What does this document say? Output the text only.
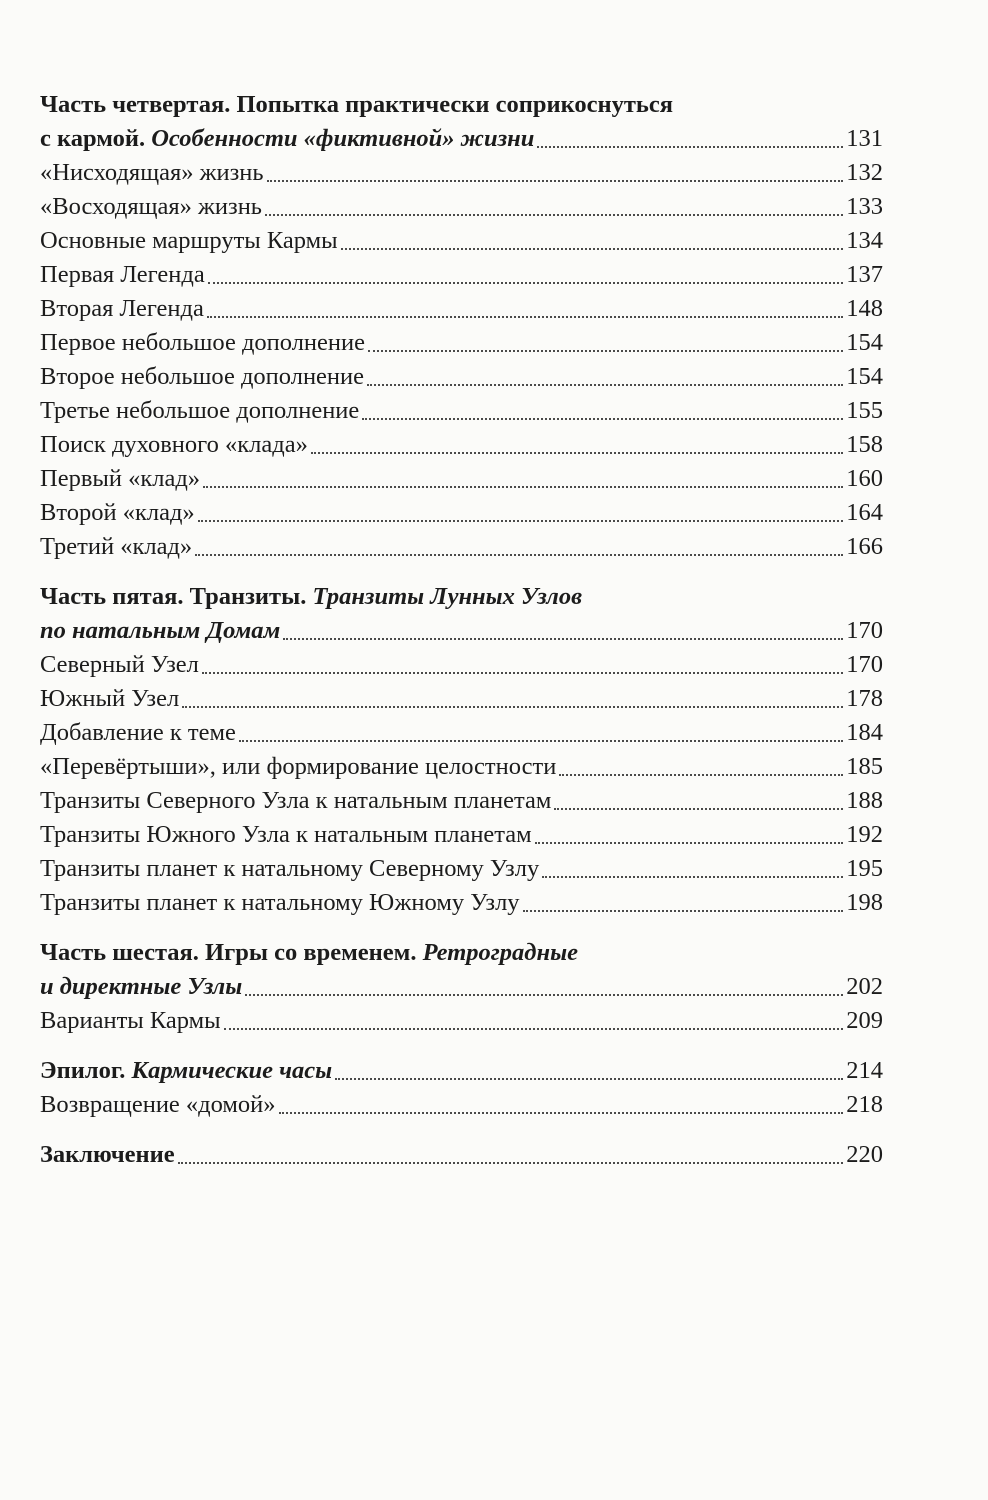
Часть четвертая. Попытка практически соприкоснуться
с кармой. Особенности «фиктивной» жизни	131
«Нисходящая» жизнь	132
«Восходящая» жизнь	133
Основные маршруты Кармы	134
Первая Легенда	137
Вторая Легенда	148
Первое небольшое дополнение	154
Второе небольшое дополнение	154
Третье небольшое дополнение	155
Поиск духовного «клада»	158
Первый «клад»	160
Второй «клад»	164
Третий «клад»	166
Часть пятая. Транзиты. Транзиты Лунных Узлов
по натальным Домам	170
Северный Узел	170
Южный Узел	178
Добавление к теме	184
«Перевёртыши», или формирование целостности	185
Транзиты Северного Узла к натальным планетам	188
Транзиты Южного Узла к натальным планетам	192
Транзиты планет к натальному Северному Узлу	195
Транзиты планет к натальному Южному Узлу	198
Часть шестая. Игры со временем. Ретроградные
и директные Узлы	202
Варианты Кармы	209
Эпилог. Кармические часы	214
Возвращение «домой»	218
Заключение	220
